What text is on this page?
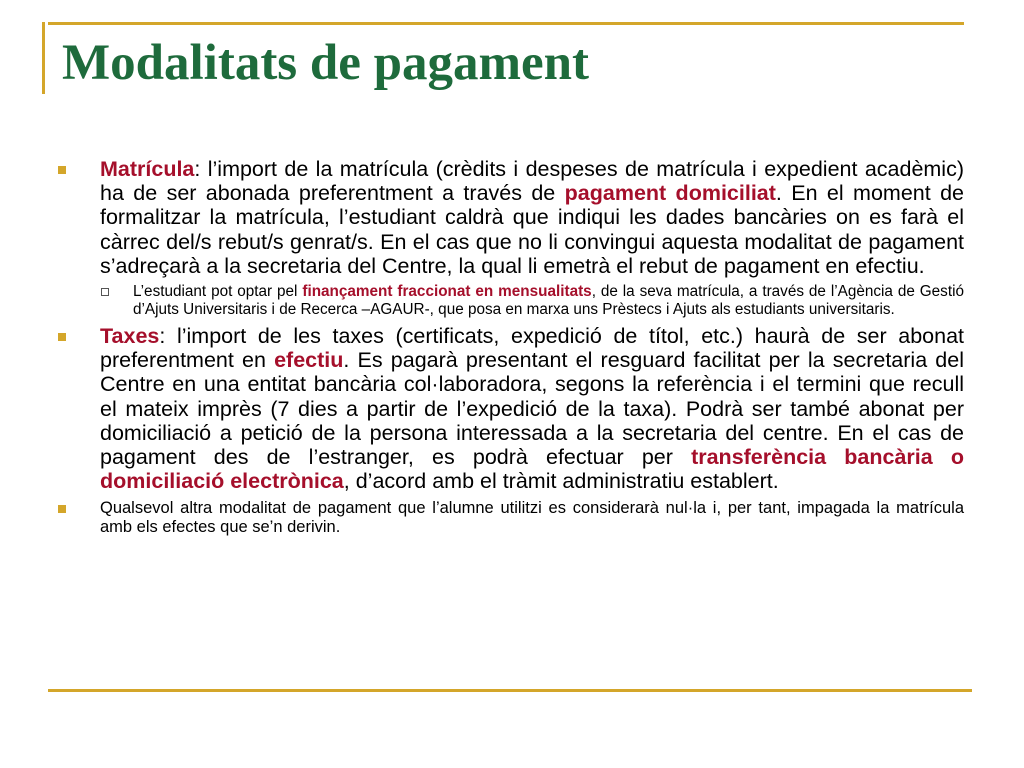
Modalitats de pagament
Matrícula: l’import de la matrícula (crèdits i despeses de matrícula i expedient acadèmic) ha de ser abonada preferentment a través de pagament domiciliat. En el moment de formalitzar la matrícula, l’estudiant caldrà que indiqui les dades bancàries on es farà el càrrec del/s rebut/s genrat/s. En el cas que no li convingui aquesta modalitat de pagament s’adreçarà a la secretaria del Centre, la qual li emetrà el rebut de pagament en efectiu.
L’estudiant pot optar pel finançament fraccionat en mensualitats, de la seva matrícula, a través de l’Agència de Gestió d’Ajuts Universitaris i de Recerca –AGAUR-, que posa en marxa uns Prèstecs i Ajuts als estudiants universitaris.
Taxes: l’import de les taxes (certificats, expedició de títol, etc.) haurà de ser abonat preferentment en efectiu. Es pagarà presentant el resguard facilitat per la secretaria del Centre en una entitat bancària col·laboradora, segons la referència i el termini que recull el mateix imprès (7 dies a partir de l’expedició de la taxa). Podrà ser també abonat per domiciliació a petició de la persona interessada a la secretaria del centre. En el cas de pagament des de l’estranger, es podrà efectuar per transferència bancària o domiciliació electrònica, d’acord amb el tràmit administratiu establert.
Qualsevol altra modalitat de pagament que l’alumne utilitzi es considerarà nul·la i, per tant, impagada la matrícula amb els efectes que se’n derivin.
